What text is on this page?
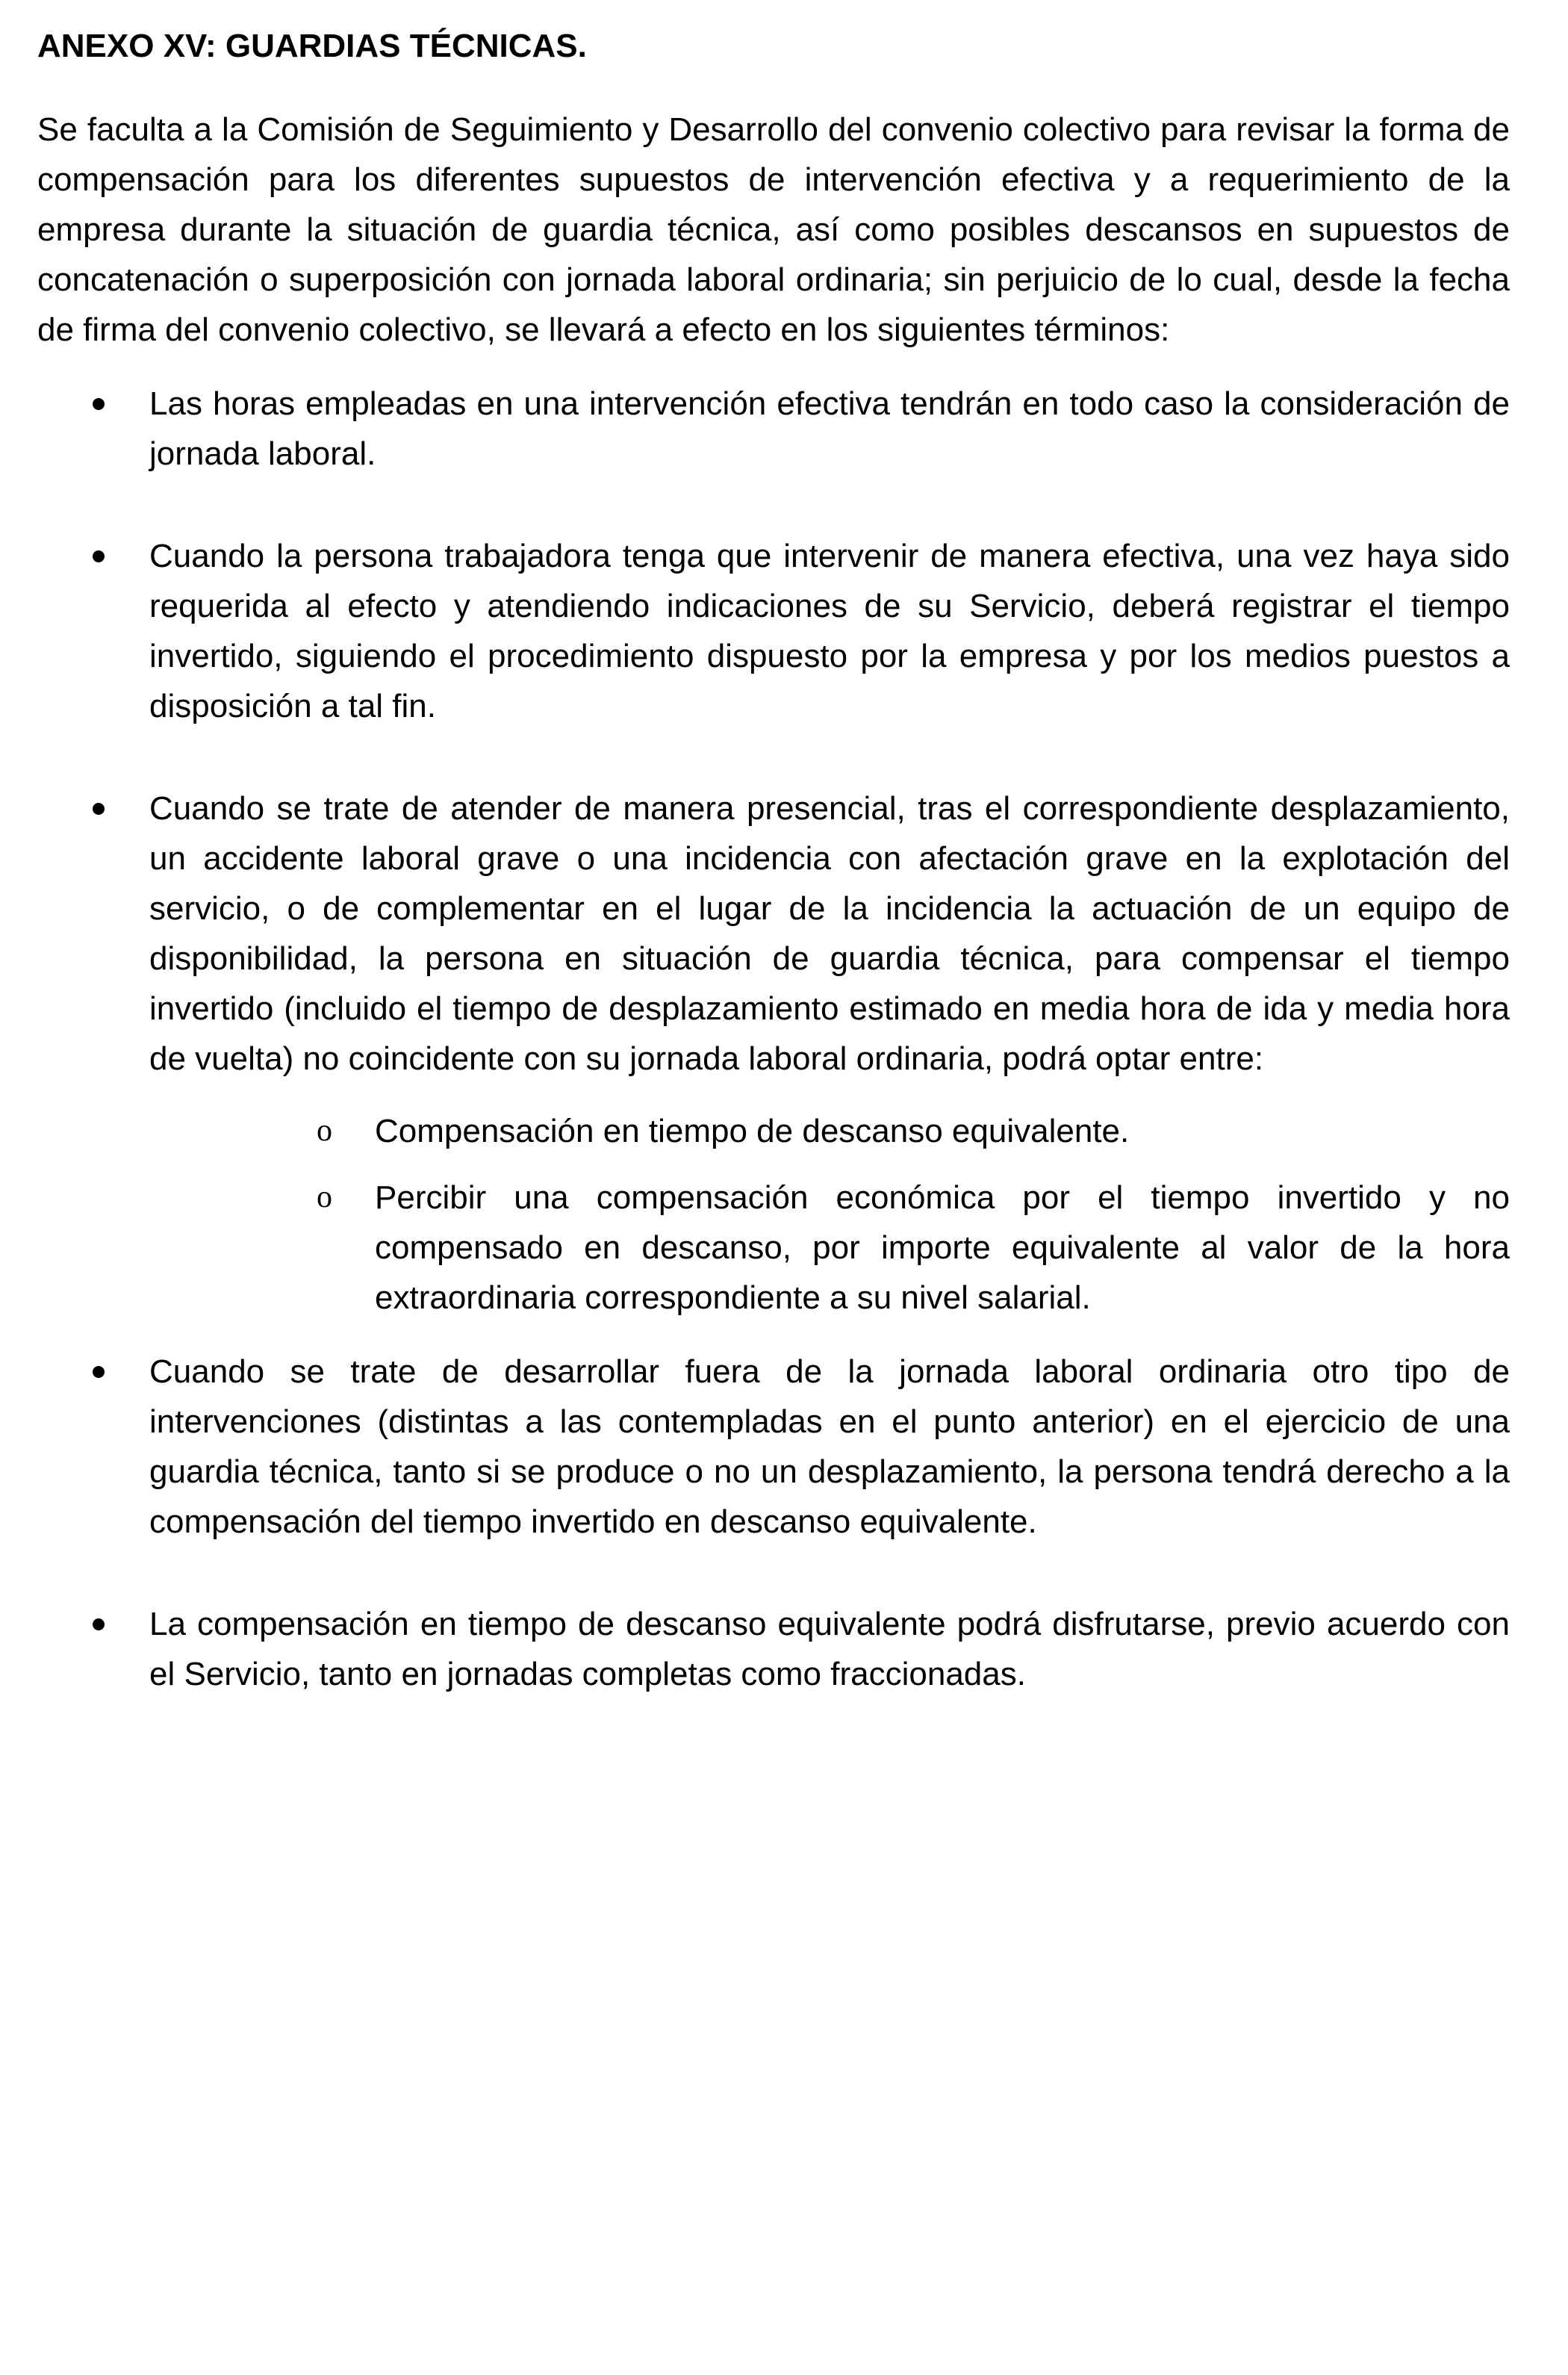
ANEXO XV: GUARDIAS TÉCNICAS.

Se faculta a la Comisión de Seguimiento y Desarrollo del convenio colectivo para revisar la forma de compensación para los diferentes supuestos de intervención efectiva y a requerimiento de la empresa durante la situación de guardia técnica, así como posibles descansos en supuestos de concatenación o superposición con jornada laboral ordinaria; sin perjuicio de lo cual, desde la fecha de firma del convenio colectivo, se llevará a efecto en los siguientes términos:

Las horas empleadas en una intervención efectiva tendrán en todo caso la consideración de jornada laboral.

Cuando la persona trabajadora tenga que intervenir de manera efectiva, una vez haya sido requerida al efecto y atendiendo indicaciones de su Servicio, deberá registrar el tiempo invertido, siguiendo el procedimiento dispuesto por la empresa y por los medios puestos a disposición a tal fin.

Cuando se trate de atender de manera presencial, tras el correspondiente desplazamiento, un accidente laboral grave o una incidencia con afectación grave en la explotación del servicio, o de complementar en el lugar de la incidencia la actuación de un equipo de disponibilidad, la persona en situación de guardia técnica, para compensar el tiempo invertido (incluido el tiempo de desplazamiento estimado en media hora de ida y media hora de vuelta) no coincidente con su jornada laboral ordinaria, podrá optar entre:

o Compensación en tiempo de descanso equivalente.

o Percibir una compensación económica por el tiempo invertido y no compensado en descanso, por importe equivalente al valor de la hora extraordinaria correspondiente a su nivel salarial.

Cuando se trate de desarrollar fuera de la jornada laboral ordinaria otro tipo de intervenciones (distintas a las contempladas en el punto anterior) en el ejercicio de una guardia técnica, tanto si se produce o no un desplazamiento, la persona tendrá derecho a la compensación del tiempo invertido en descanso equivalente.

La compensación en tiempo de descanso equivalente podrá disfrutarse, previo acuerdo con el Servicio, tanto en jornadas completas como fraccionadas.
